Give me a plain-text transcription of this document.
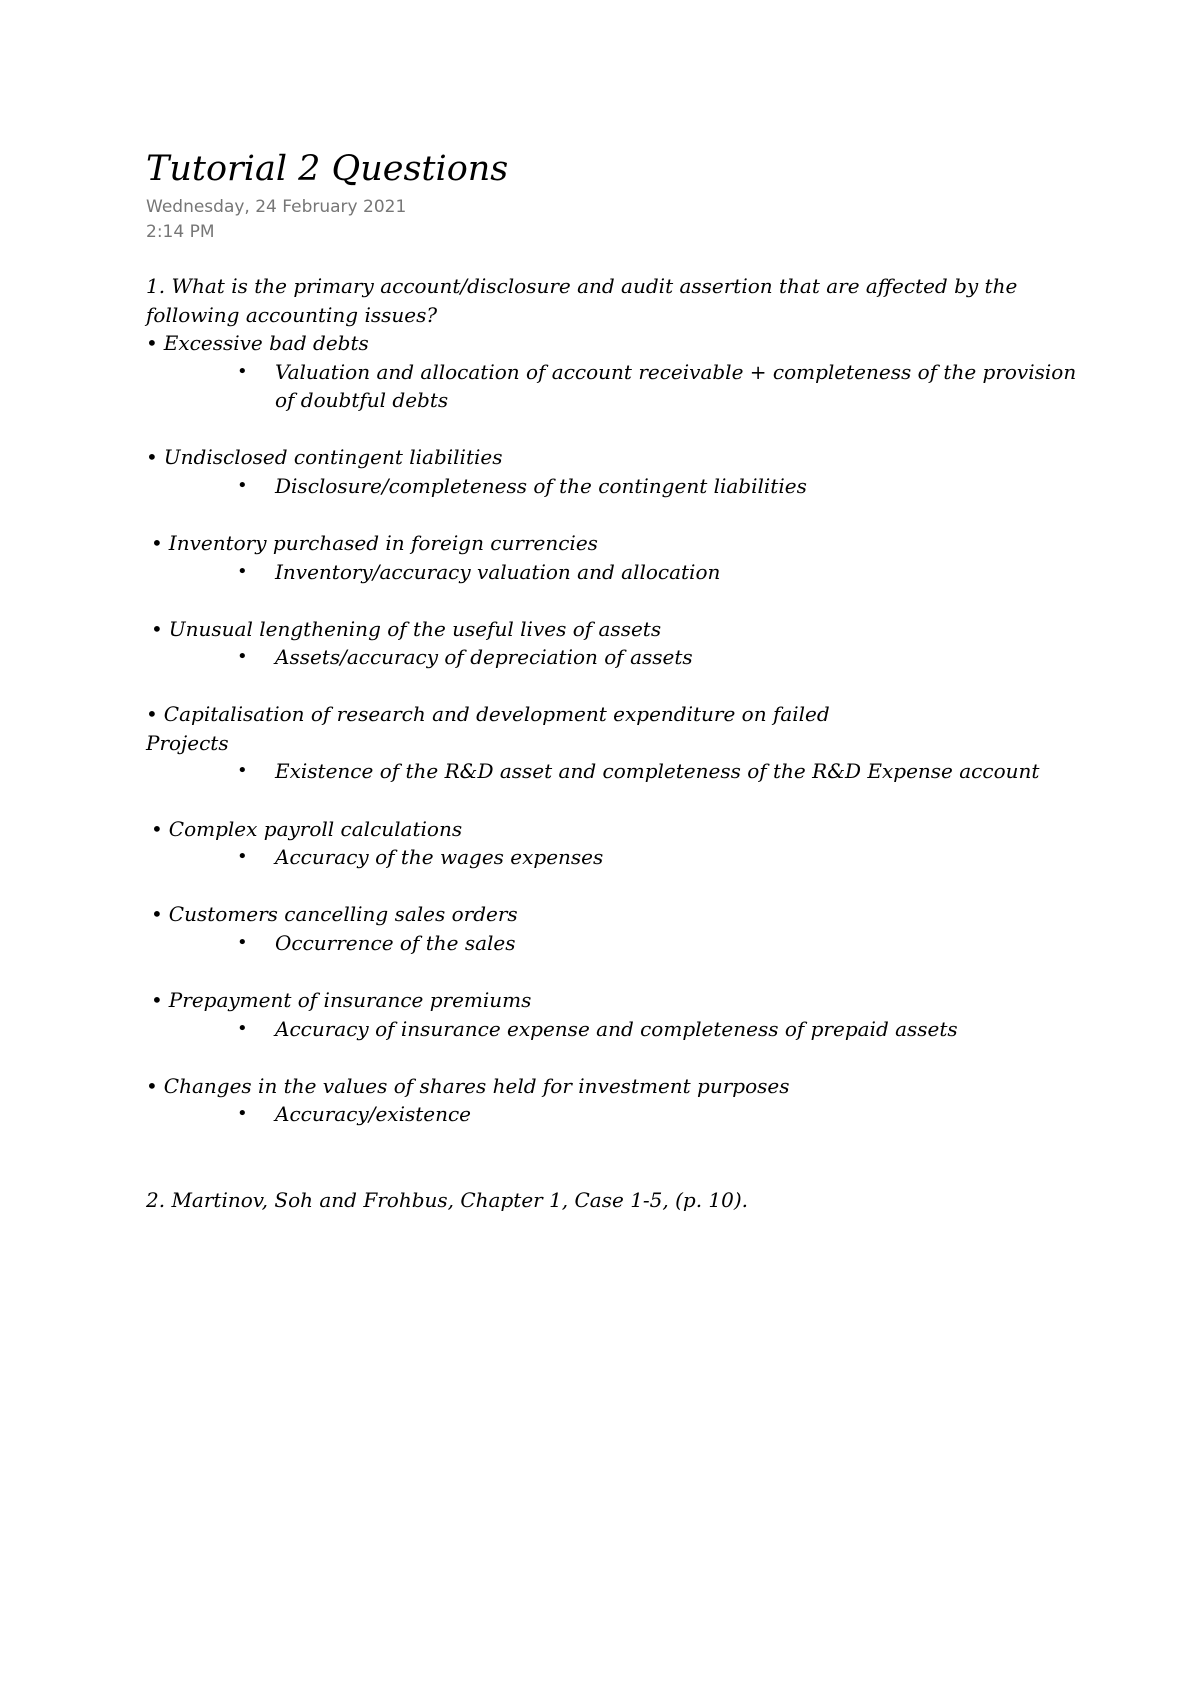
Tutorial 2 Questions
Wednesday, 24 February 2021
2:14 PM
1. What is the primary account/disclosure and audit assertion that are affected by the
following accounting issues?
• Excessive bad debts
• Valuation and allocation of account receivable + completeness of the provision
of doubtful debts
• Undisclosed contingent liabilities
• Disclosure/completeness of the contingent liabilities
• Inventory purchased in foreign currencies
• Inventory/accuracy valuation and allocation
• Unusual lengthening of the useful lives of assets
• Assets/accuracy of depreciation of assets
• Capitalisation of research and development expenditure on failed
Projects
• Existence of the R&D asset and completeness of the R&D Expense account
• Complex payroll calculations
• Accuracy of the wages expenses
• Customers cancelling sales orders
• Occurrence of the sales
• Prepayment of insurance premiums
• Accuracy of insurance expense and completeness of prepaid assets
• Changes in the values of shares held for investment purposes
• Accuracy/existence
2. Martinov, Soh and Frohbus, Chapter 1, Case 1-5, (p. 10).
